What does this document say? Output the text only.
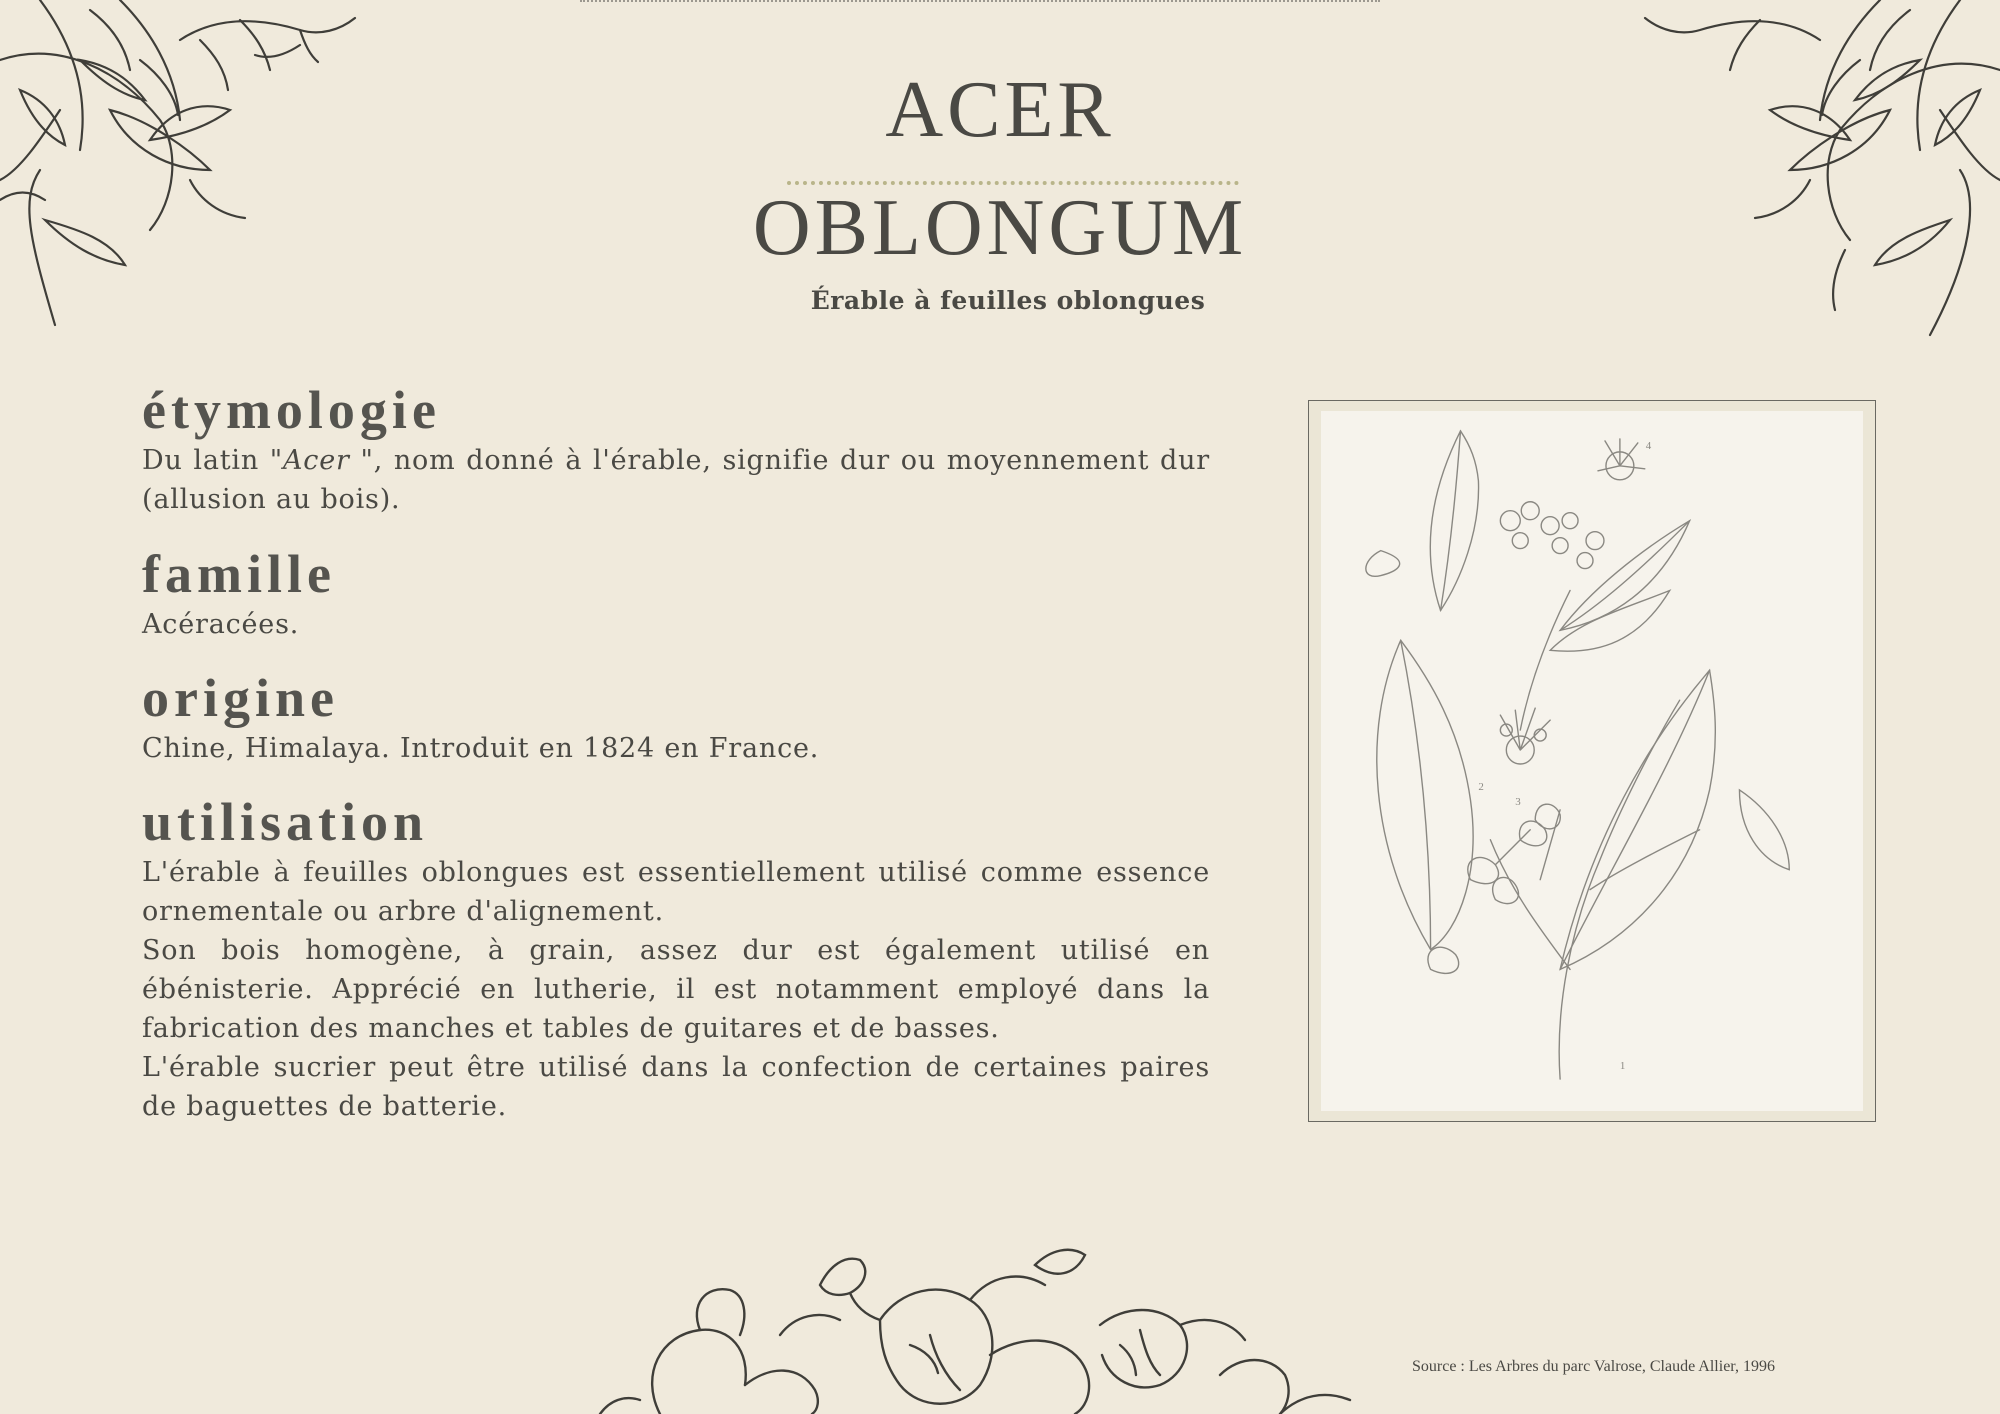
ACER
OBLONGUM
Érable à feuilles oblongues
étymologie

Du latin "Acer ", nom donné à l'érable, signifie dur ou moyennement dur (allusion au bois).

famille

Acéracées.

origine

Chine, Himalaya. Introduit en 1824 en France.

utilisation

L'érable à feuilles oblongues est essentiellement utilisé comme essence ornementale ou arbre d'alignement.

Son bois homogène, à grain, assez dur est également utilisé en ébénisterie. Apprécié en lutherie, il est notamment employé dans la fabrication des manches et tables de guitares et de basses.

L'érable sucrier peut être utilisé dans la confection de certaines paires de baguettes de batterie.

1
2
3
4
Source : Les Arbres du parc Valrose, Claude Allier, 1996
